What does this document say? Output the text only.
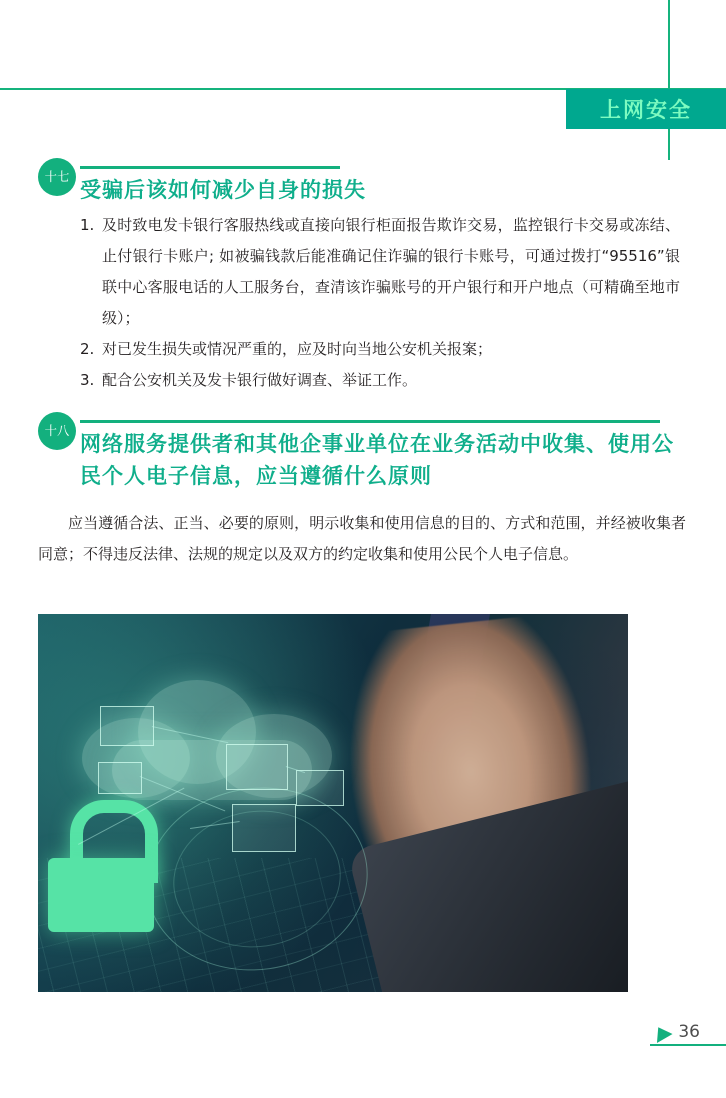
上网安全
十七
受骗后该如何减少自身的损失
1. 及时致电发卡银行客服热线或直接向银行柜面报告欺诈交易，监控银行卡交易或冻结、止付银行卡账户; 如被骗钱款后能准确记住诈骗的银行卡账号，可通过拨打“95516”银联中心客服电话的人工服务台，查清该诈骗账号的开户银行和开户地点（可精确至地市级）；
2. 对已发生损失或情况严重的，应及时向当地公安机关报案；
3. 配合公安机关及发卡银行做好调查、举证工作。
十八
网络服务提供者和其他企事业单位在业务活动中收集、使用公民个人电子信息，应当遵循什么原则

应当遵循合法、正当、必要的原则，明示收集和使用信息的目的、方式和范围，并经被收集者同意；不得违反法律、法规的规定以及双方的约定收集和使用公民个人电子信息。

36
